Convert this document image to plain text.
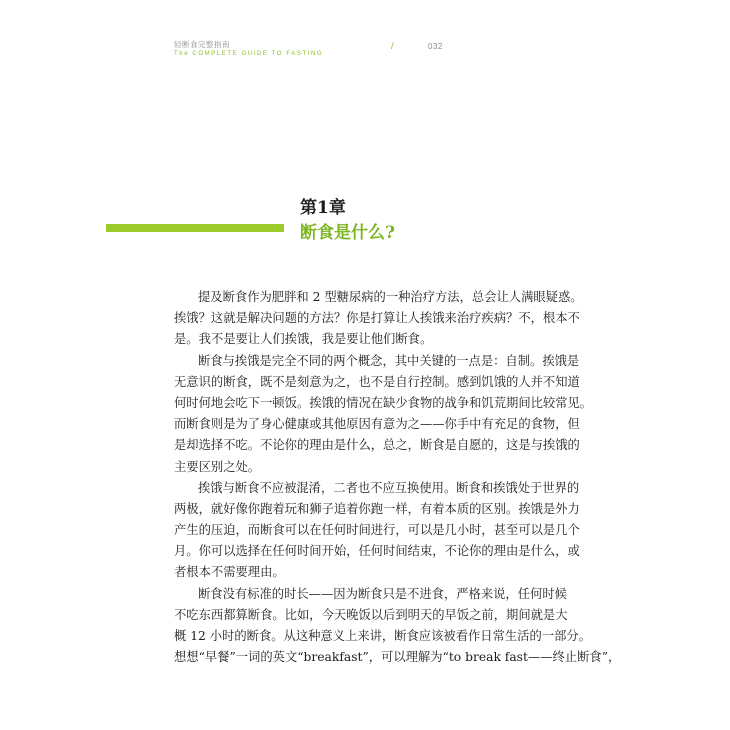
轻断食完整指南
The COMPLETE GUIDE TO FASTING
/	032
第1章
断食是什么?
提及断食作为肥胖和 2 型糖尿病的一种治疗方法，总会让人满眼疑惑。
挨饿？这就是解决问题的方法？你是打算让人挨饿来治疗疾病？不，根本不
是。我不是要让人们挨饿，我是要让他们断食。
断食与挨饿是完全不同的两个概念，其中关键的一点是：自制。挨饿是
无意识的断食，既不是刻意为之，也不是自行控制。感到饥饿的人并不知道
何时何地会吃下一顿饭。挨饿的情况在缺少食物的战争和饥荒期间比较常见。
而断食则是为了身心健康或其他原因有意为之——你手中有充足的食物，但
是却选择不吃。不论你的理由是什么，总之，断食是自愿的，这是与挨饿的
主要区别之处。
挨饿与断食不应被混淆，二者也不应互换使用。断食和挨饿处于世界的
两极，就好像你跑着玩和狮子追着你跑一样，有着本质的区别。挨饿是外力
产生的压迫，而断食可以在任何时间进行，可以是几小时，甚至可以是几个
月。你可以选择在任何时间开始，任何时间结束，不论你的理由是什么，或
者根本不需要理由。
断食没有标准的时长——因为断食只是不进食，严格来说，任何时候
不吃东西都算断食。比如，今天晚饭以后到明天的早饭之前，期间就是大
概 12 小时的断食。从这种意义上来讲，断食应该被看作日常生活的一部分。
想想“早餐”一词的英文“breakfast”，可以理解为“to break fast——终止断食”，
